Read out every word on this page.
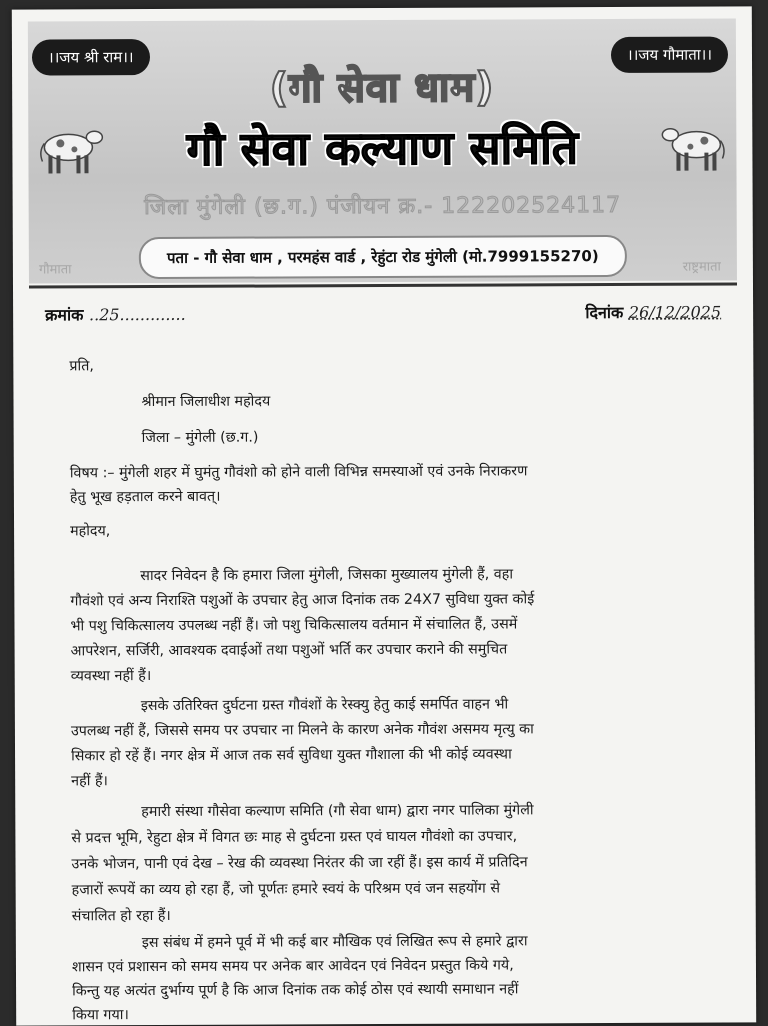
।।जय श्री राम।।	।।जय गौमाता।।
(गौ सेवा धाम)
गौ सेवा कल्याण समिति
जिला मुंगेली (छ.ग.) पंजीयन क्र.- 122202524117
गौमाता	राष्ट्रमाता
पता - गौ सेवा धाम , परमहंस वार्ड , रेहुंटा रोड मुंगेली (मो.7999155270)
क्रमांक ..25.............	दिनांक 26/12/2025
प्रति,
श्रीमान जिलाधीश महोदय
जिला – मुंगेली (छ.ग.)
विषय :– मुंगेली शहर में घुमंतु गौवंशो को होने वाली विभिन्न समस्याओं एवं उनके निराकरण
हेतु भूख हड़ताल करने बावत्।
महोदय,
सादर निवेदन है कि हमारा जिला मुंगेली, जिसका मुख्यालय मुंगेली हैं, वहा
गौवंशो एवं अन्य निराश्ति पशुओं के उपचार हेतु आज दिनांक तक 24X7 सुविधा युक्त कोई
भी पशु चिकित्सालय उपलब्ध नहीं हैं। जो पशु चिकित्सालय वर्तमान में संचालित हैं, उसमें
आपरेशन, सर्जिरी, आवश्यक दवाईओं तथा पशुओं भर्ति कर उपचार कराने की समुचित
व्यवस्था नहीं हैं।
इसके उतिरिक्त दुर्घटना ग्रस्त गौवंशों के रेस्क्यु हेतु काई समर्पित वाहन भी
उपलब्ध नहीं हैं, जिससे समय पर उपचार ना मिलने के कारण अनेक गौवंश असमय मृत्यु का
सिकार हो रहें हैं। नगर क्षेत्र में आज तक सर्व सुविधा युक्त गौशाला की भी कोई व्यवस्था
नहीं हैं।
हमारी संस्था गौसेवा कल्याण समिति (गौ सेवा धाम) द्वारा नगर पालिका मुंगेली
से प्रदत्त भूमि, रेहुटा क्षेत्र में विगत छः माह से दुर्घटना ग्रस्त एवं घायल गौवंशो का उपचार,
उनके भोजन, पानी एवं देख – रेख की व्यवस्था निरंतर की जा रहीं हैं। इस कार्य में प्रतिदिन
हजारों रूपयें का व्यय हो रहा हैं, जो पूर्णतः हमारे स्वयं के परिश्रम एवं जन सहयोंग से
संचालित हो रहा हैं।
इस संबंध में हमने पूर्व में भी कई बार मौखिक एवं लिखित रूप से हमारे द्वारा
शासन एवं प्रशासन को समय समय पर अनेक बार आवेदन एवं निवेदन प्रस्तुत किये गये,
किन्तु यह अत्यंत दुर्भाग्य पूर्ण है कि आज दिनांक तक कोई ठोस एवं स्थायी समाधान नहीं
किया गया।
